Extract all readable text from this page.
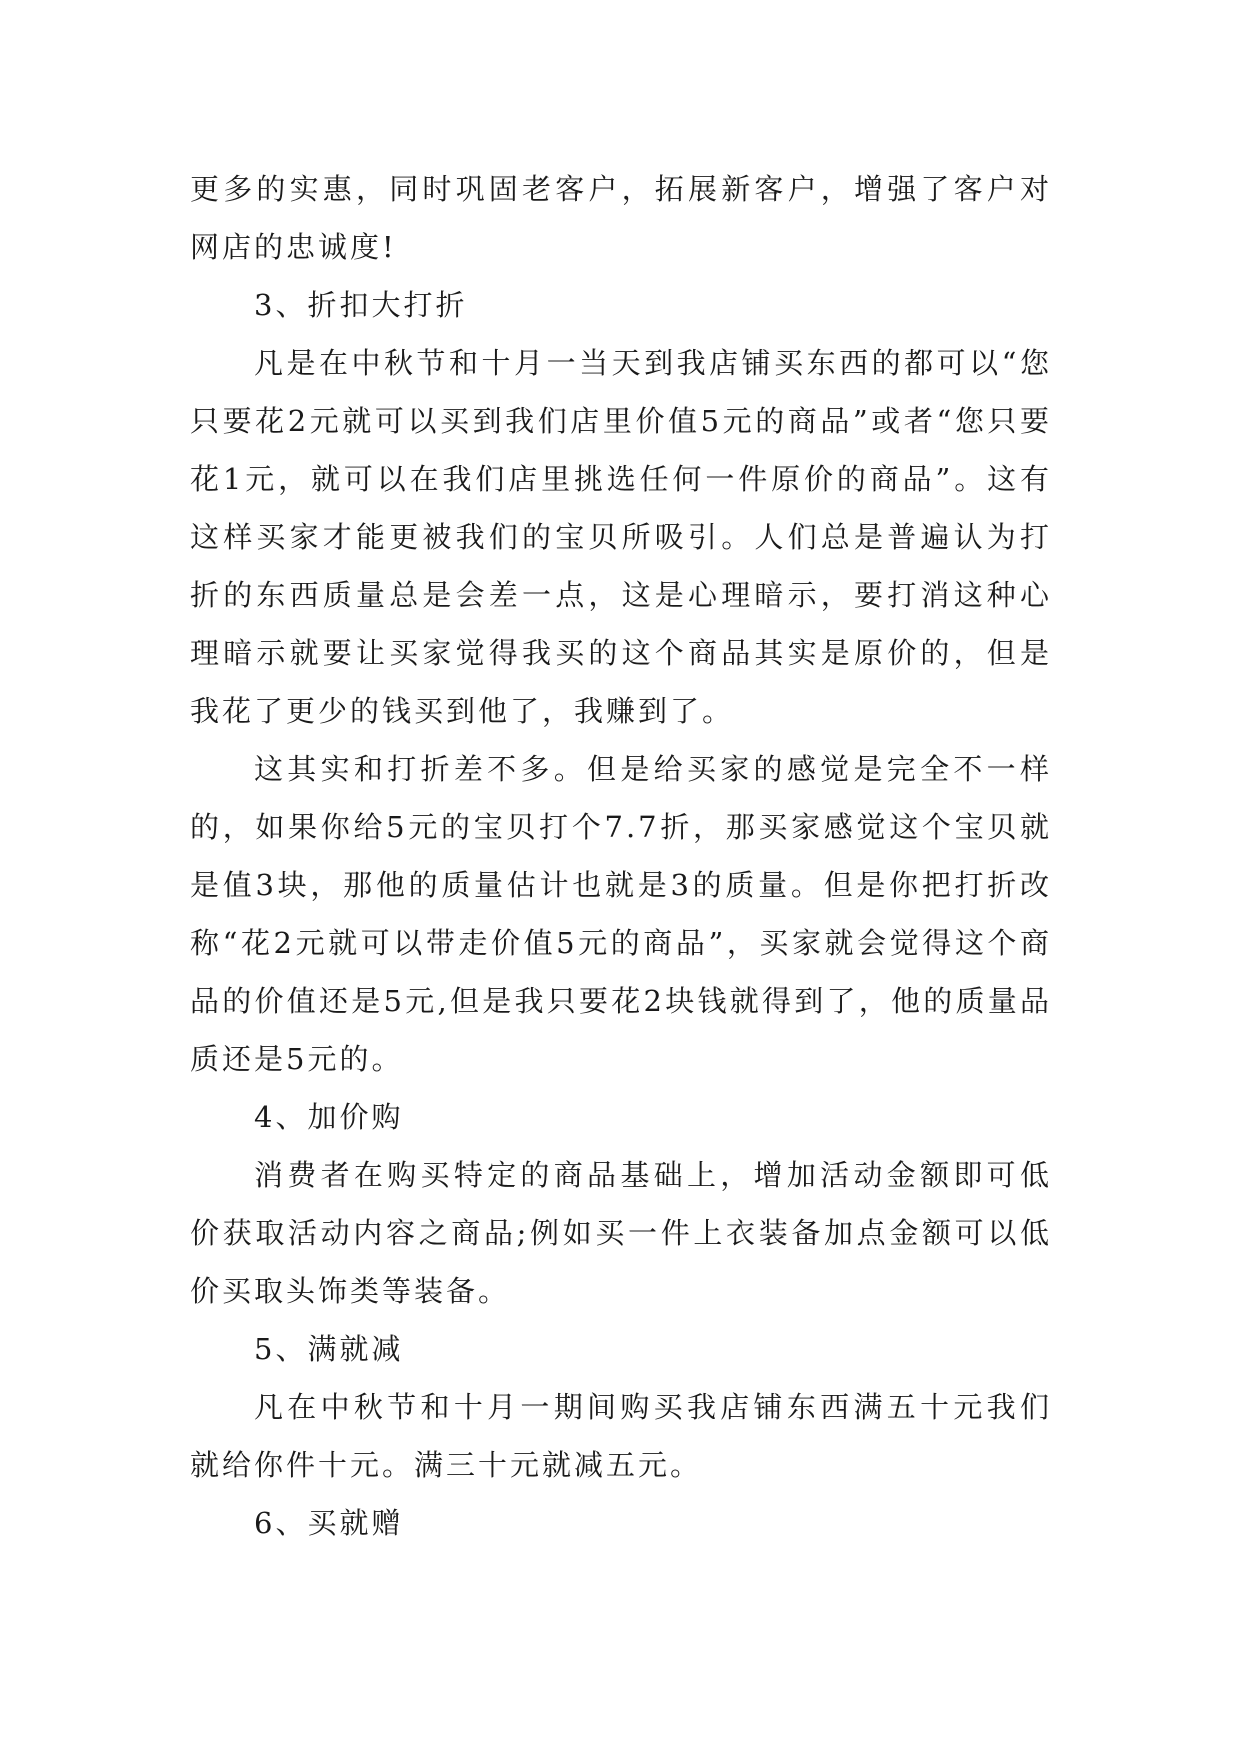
更多的实惠，同时巩固老客户，拓展新客户，增强了客户对网店的忠诚度!

3、折扣大打折

凡是在中秋节和十月一当天到我店铺买东西的都可以“您只要花2元就可以买到我们店里价值5元的商品”或者“您只要花1元，就可以在我们店里挑选任何一件原价的商品”。这有这样买家才能更被我们的宝贝所吸引。人们总是普遍认为打折的东西质量总是会差一点，这是心理暗示，要打消这种心理暗示就要让买家觉得我买的这个商品其实是原价的，但是我花了更少的钱买到他了，我赚到了。

这其实和打折差不多。但是给买家的感觉是完全不一样的，如果你给5元的宝贝打个7.7折，那买家感觉这个宝贝就是值3块，那他的质量估计也就是3的质量。但是你把打折改称“花2元就可以带走价值5元的商品”，买家就会觉得这个商品的价值还是5元,但是我只要花2块钱就得到了，他的质量品质还是5元的。

4、加价购

消费者在购买特定的商品基础上，增加活动金额即可低价获取活动内容之商品;例如买一件上衣装备加点金额可以低价买取头饰类等装备。

5、满就减

凡在中秋节和十月一期间购买我店铺东西满五十元我们就给你件十元。满三十元就减五元。

6、买就赠
